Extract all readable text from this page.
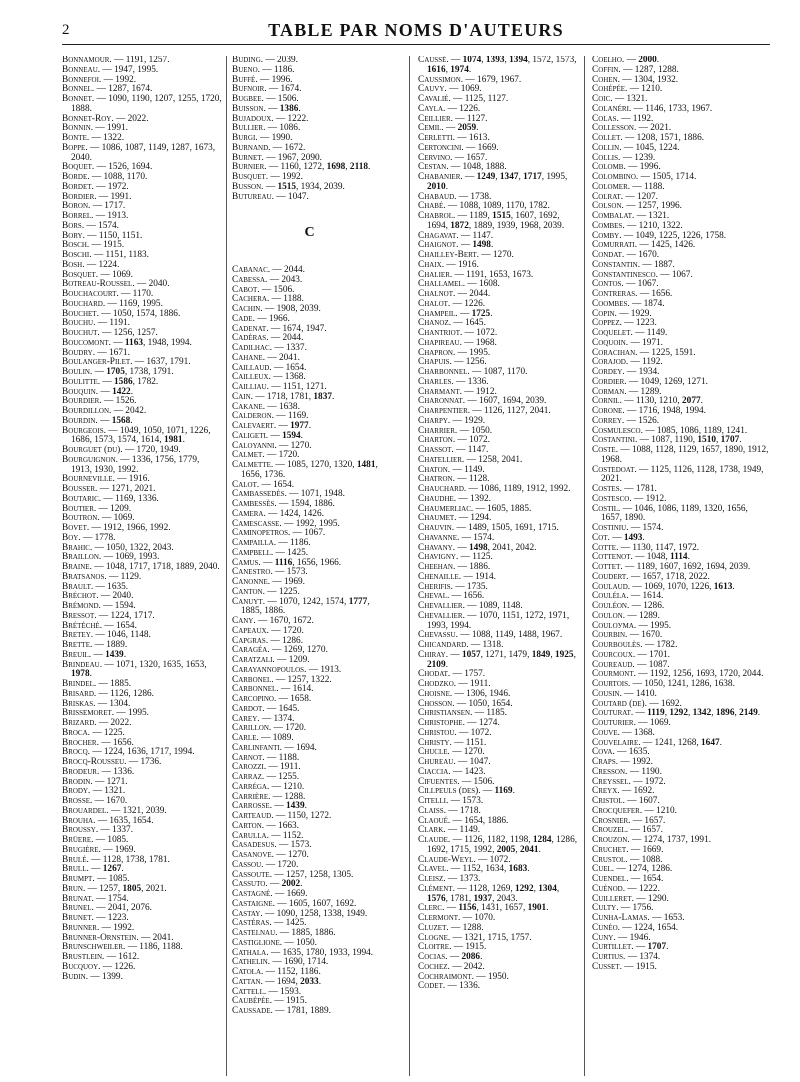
2	TABLE PAR NOMS D'AUTEURS

Bonnamour. — 1191, 1257.

Bonneau. — 1947, 1995.

Bonnefoi. — 1992.

Bonnel. — 1287, 1674.

Bonnet. — 1090, 1190, 1207, 1255, 1720, 1888.

Bonnet-Roy. — 2022.

Bonnin. — 1991.

Bonte. — 1322.

Boppe. — 1086, 1087, 1149, 1287, 1673, 2040.

Boquet. — 1526, 1694.

Borde. — 1088, 1170.

Bordet. — 1972.

Bordier. — 1991.

Boron. — 1717.

Borrel. — 1913.

Bors. — 1574.

Bory. — 1150, 1151.

Bosch. — 1915.

Boschi. — 1151, 1183.

Bosh. — 1224.

Bosquet. — 1069.

Botreau-Roussel. — 2040.

Bouchacourt. — 1170.

Bouchard. — 1169, 1995.

Bouchet. — 1050, 1574, 1886.

Bouchu. — 1191.

Bouchut. — 1256, 1257.

Boucomont. — 1163, 1948, 1994.

Boudry. — 1671.

Boulanger-Pilet. — 1637, 1791.

Boulin. — 1705, 1738, 1791.

Boulitte. — 1586, 1782.

Bouquin. — 1422.

Bourdier. — 1526.

Bourdillon. — 2042.

Bourdin. — 1568.

Bourgeois. — 1049, 1050, 1071, 1226, 1686, 1573, 1574, 1614, 1981.

Bourguet (du). — 1720, 1949.

Bourguignon. — 1336, 1756, 1779, 1913, 1930, 1992.

Bourneville. — 1916.

Bousser. — 1271, 2021.

Boutaric. — 1169, 1336.

Boutier. — 1209.

Boutron. — 1069.

Bovet. — 1912, 1966, 1992.

Boy. — 1778.

Brahic. — 1050, 1322, 2043.

Braillon. — 1069, 1993.

Braine. — 1048, 1717, 1718, 1889, 2040.

Bratsanos. — 1129.

Brault. — 1635.

Bréchot. — 2040.

Brémond. — 1594.

Bressot. — 1224, 1717.

Brétéché. — 1654.

Bretey. — 1046, 1148.

Brette. — 1889.

Breuil. — 1439.

Brindeau. — 1071, 1320, 1635, 1653, 1978.

Brindel. — 1885.

Brisard. — 1126, 1286.

Briskas. — 1304.

Brissemoret. — 1995.

Brizard. — 2022.

Broca. — 1225.

Brocher. — 1656.

Brocq. — 1224, 1636, 1717, 1994.

Brocq-Rousseu. — 1736.

Brodeur. — 1336.

Brodin. — 1271.

Brody. — 1321.

Brosse. — 1670.

Brouardel. — 1321, 2039.

Brouha. — 1635, 1654.

Broussy. — 1337.

Brüere. — 1085.

Brugière. — 1969.

Brulé. — 1128, 1738, 1781.

Brull. — 1267.

Brumpt. — 1085.

Brun. — 1257, 1805, 2021.

Brunat. — 1754.

Brunel. — 2041, 2076.

Brunet. — 1223.

Brunner. — 1992.

Brunner-Ornstein. — 2041.

Brunschweiler. — 1186, 1188.

Brustlein. — 1612.

Bucquoy. — 1226.

Budin. — 1399.

Buding. — 2039.

Bueno. — 1186.

Buffé. — 1996.

Bufnoir. — 1674.

Bugbee. — 1506.

Buisson. — 1386.

Bujadoux. — 1222.

Bullier. — 1086.

Burgi. — 1990.

Burnand. — 1672.

Burnet. — 1967, 2090.

Burnier. — 1160, 1272, 1698, 2118.

Busquet. — 1992.

Busson. — 1515, 1934, 2039.

Butureau. — 1047.

C

Cabanac. — 2044.

Cabessa. — 2043.

Cabot. — 1506.

Cachera. — 1188.

Cachin. — 1908, 2039.

Cade. — 1966.

Cadenat. — 1674, 1947.

Cadéras. — 2044.

Cadilhac. — 1337.

Cahane. — 2041.

Caillaud. — 1654.

Cailleux. — 1368.

Cailliau. — 1151, 1271.

Cain. — 1718, 1781, 1837.

Cakane. — 1638.

Calderon. — 1169.

Calevaert. — 1977.

Caligeti. — 1594.

Caloyanni. — 1270.

Calmet. — 1720.

Calmette. — 1085, 1270, 1320, 1481, 1656, 1736.

Calot. — 1654.

Cambassedès. — 1071, 1948.

Cambessès. — 1594, 1886.

Camera. — 1424, 1426.

Camescasse. — 1992, 1995.

Caminopetros. — 1067.

Campailla. — 1186.

Campbell. — 1425.

Camus. — 1116, 1656, 1966.

Canestro. — 1573.

Canonne. — 1969.

Canton. — 1225.

Canuyt. — 1070, 1242, 1574, 1777, 1885, 1886.

Cany. — 1670, 1672.

Capeaux. — 1720.

Capgras. — 1286.

Caragéa. — 1269, 1270.

Caratzali. — 1209.

Carayannopoulos. — 1913.

Carbonel. — 1257, 1322.

Carbonnel. — 1614.

Carcopino. — 1658.

Cardot. — 1645.

Carey. — 1374.

Carillon. — 1720.

Carle. — 1089.

Carlinfanti. — 1694.

Carnot. — 1188.

Carozzi. — 1911.

Carraz. — 1255.

Carréga. — 1210.

Carrière. — 1288.

Carrosse. — 1439.

Carteaud. — 1150, 1272.

Carton. — 1663.

Carulla. — 1152.

Casadesus. — 1573.

Casanove. — 1270.

Cassou. — 1720.

Cassoute. — 1257, 1258, 1305.

Cassuto. — 2002.

Castagné. — 1669.

Castaigne. — 1605, 1607, 1692.

Castay. — 1090, 1258, 1338, 1949.

Castéras. — 1425.

Castelnau. — 1885, 1886.

Castiglione. — 1050.

Cathala. — 1635, 1780, 1933, 1994.

Cathelin. — 1690, 1714.

Catola. — 1152, 1186.

Cattan. — 1694, 2033.

Cattell. — 1593.

Caubépée. — 1915.

Caussade. — 1781, 1889.

Caussé. — 1074, 1393, 1394, 1572, 1573, 1616, 1974.

Caussimon. — 1679, 1967.

Cauvy. — 1069.

Cavalié. — 1125, 1127.

Cayla. — 1226.

Ceillier. — 1127.

Cemil. — 2059.

Cerletti. — 1613.

Certoncini. — 1669.

Cervino. — 1657.

Cestan. — 1048, 1888.

Chabanier. — 1249, 1347, 1717, 1995, 2010.

Chabaud. — 1738.

Chabé. — 1088, 1089, 1170, 1782.

Chabrol. — 1189, 1515, 1607, 1692, 1694, 1872, 1889, 1939, 1968, 2039.

Chagavat. — 1147.

Chaignot. — 1498.

Chailley-Bert. — 1270.

Chaix. — 1916.

Chalier. — 1191, 1653, 1673.

Challamel. — 1608.

Chalnot. — 2044.

Chalot. — 1226.

Champeil. — 1725.

Chanoz. — 1645.

Chantriot. — 1072.

Chapireau. — 1968.

Chapron. — 1995.

Chapuis. — 1256.

Charbonnel. — 1087, 1170.

Charles. — 1336.

Charmant. — 1912.

Charonnat. — 1607, 1694, 2039.

Charpentier. — 1126, 1127, 2041.

Charpy. — 1929.

Charrier. — 1050.

Charton. — 1072.

Chassot. — 1147.

Chatellier. — 1258, 2041.

Chaton. — 1149.

Chatron. — 1128.

Chauchard. — 1086, 1189, 1912, 1992.

Chaudhe. — 1392.

Chaumerliac. — 1605, 1885.

Chaumet. — 1294.

Chauvin. — 1489, 1505, 1691, 1715.

Chavanne. — 1574.

Chavany. — 1498, 2041, 2042.

Chavigny. — 1125.

Cheehan. — 1886.

Chenaille. — 1914.

Cherifis. — 1735.

Cheval. — 1656.

Chevallier. — 1089, 1148.

Chevallier. — 1070, 1151, 1272, 1971, 1993, 1994.

Chevassu. — 1088, 1149, 1488, 1967.

Chicandard. — 1318.

Chiray. — 1057, 1271, 1479, 1849, 1925, 2109.

Chodat. — 1757.

Chodzko. — 1911.

Choisne. — 1306, 1946.

Chosson. — 1050, 1654.

Christiansen. — 1185.

Christophe. — 1274.

Christou. — 1072.

Christy. — 1151.

Chucle. — 1270.

Chureau. — 1047.

Ciaccia. — 1423.

Cifuentes. — 1506.

Cillpeuls (des). — 1169.

Citelli. — 1573.

Claiss. — 1718.

Claoué. — 1654, 1886.

Clark. — 1149.

Claude. — 1126, 1182, 1198, 1284, 1286, 1692, 1715, 1992, 2005, 2041.

Claude-Weyl. — 1072.

Clavel. — 1152, 1634, 1683.

Cleisz. — 1373.

Clément. — 1128, 1269, 1292, 1304, 1576, 1781, 1937, 2043.

Clerc. — 1156, 1431, 1657, 1901.

Clermont. — 1070.

Cluzet. — 1288.

Clogne. — 1321, 1715, 1757.

Cloitre. — 1915.

Cocias. — 2086.

Cochez. — 2042.

Cochraimont. — 1950.

Codet. — 1336.

Coelho. — 2000.

Coffin. — 1287, 1288.

Cohen. — 1304, 1932.

Cohépée. — 1210.

Coic. — 1321.

Colanéri. — 1146, 1733, 1967.

Colas. — 1192.

Collesson. — 2021.

Collet. — 1208, 1571, 1886.

Collin. — 1045, 1224.

Collis. — 1239.

Colomb. — 1996.

Colombino. — 1505, 1714.

Colomer. — 1188.

Colrat. — 1207.

Colson. — 1257, 1996.

Combalat. — 1321.

Combes. — 1210, 1322.

Comby. — 1049, 1225, 1226, 1758.

Comurrati. — 1425, 1426.

Condat. — 1670.

Constantin. — 1887.

Constantinesco. — 1067.

Contos. — 1067.

Contreras. — 1656.

Coombes. — 1874.

Copin. — 1929.

Coppez. — 1223.

Coquelet. — 1149.

Coquoin. — 1971.

Coracihan. — 1225, 1591.

Corajod. — 1192.

Cordey. — 1934.

Cordier. — 1049, 1269, 1271.

Corman. — 1289.

Cornil. — 1130, 1210, 2077.

Corone. — 1716, 1948, 1994.

Correy. — 1526.

Cosmulesco. — 1085, 1086, 1189, 1241.

Costantini. — 1087, 1190, 1510, 1707.

Coste. — 1088, 1128, 1129, 1657, 1890, 1912, 1968.

Costedoat. — 1125, 1126, 1128, 1738, 1949, 2021.

Costes. — 1781.

Costesco. — 1912.

Costil. — 1046, 1086, 1189, 1320, 1656, 1657, 1890.

Costiniu. — 1574.

Cot. — 1493.

Cotte. — 1130, 1147, 1972.

Cottenot. — 1048, 1114.

Cottet. — 1189, 1607, 1692, 1694, 2039.

Coudert. — 1657, 1718, 2022.

Coulaud. — 1069, 1070, 1226, 1613.

Couléla. — 1614.

Couléon. — 1286.

Coulon. — 1289.

Couloума. — 1995.

Courbin. — 1670.

Courboulès. — 1782.

Courcoux. — 1701.

Coureaud. — 1087.

Courmont. — 1192, 1256, 1693, 1720, 2044.

Courtois. — 1050, 1241, 1286, 1638.

Cousin. — 1410.

Coutard (de). — 1692.

Couturat. — 1119, 1292, 1342, 1896, 2149.

Couturier. — 1069.

Couve. — 1368.

Couvelaire. — 1241, 1268, 1647.

Cova. — 1635.

Craps. — 1992.

Cresson. — 1190.

Creyssel. — 1972.

Creyx. — 1692.

Cristol. — 1607.

Crocquefer. — 1210.

Crosnier. — 1657.

Crouzel. — 1657.

Crouzon. — 1274, 1737, 1991.

Cruchet. — 1669.

Crustol. — 1088.

Cuel. — 1274, 1286.

Cuendel. — 1654.

Cuénod. — 1222.

Cuilleret. — 1290.

Culty. — 1756.

Cunha-Lamas. — 1653.

Cunéo. — 1224, 1654.

Cuny. — 1946.

Curtillet. — 1707.

Curtius. — 1374.

Cusset. — 1915.
